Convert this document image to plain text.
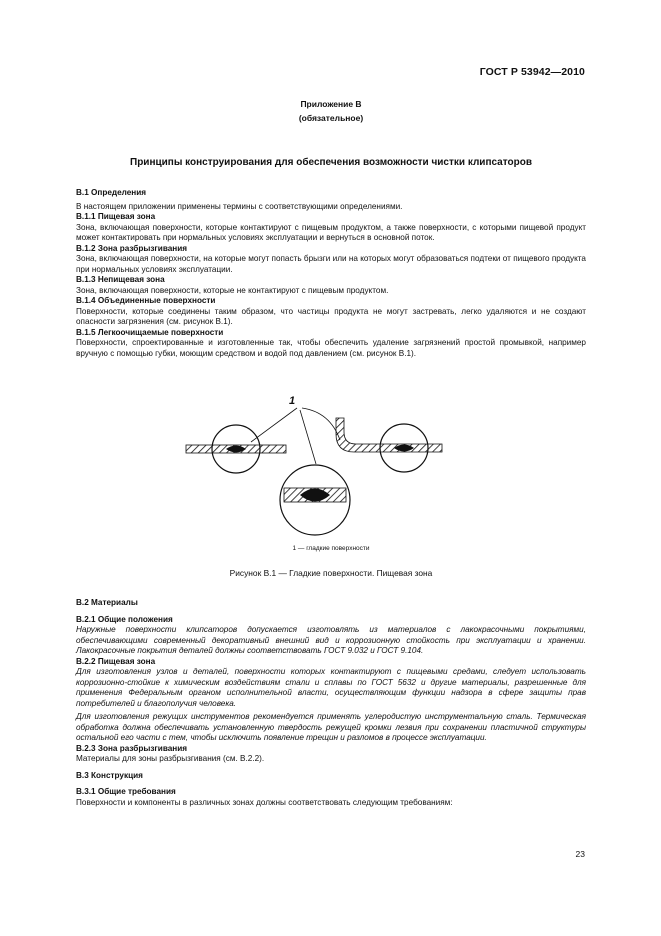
ГОСТ Р 53942—2010
Приложение В
(обязательное)
Принципы конструирования для обеспечения возможности чистки клипсаторов

В.1 Определения

В настоящем приложении применены термины с соответствующими определениями.

В.1.1 Пищевая зона

Зона, включающая поверхности, которые контактируют с пищевым продуктом, а также поверхности, с которыми пищевой продукт может контактировать при нормальных условиях эксплуатации и вернуться в основной поток.

В.1.2 Зона разбрызгивания

Зона, включающая поверхности, на которые могут попасть брызги или на которых могут образоваться подтеки от пищевого продукта при нормальных условиях эксплуатации.

В.1.3 Непищевая зона

Зона, включающая поверхности, которые не контактируют с пищевым продуктом.

В.1.4 Объединенные поверхности

Поверхности, которые соединены таким образом, что частицы продукта не могут застревать, легко удаляются и не создают опасности загрязнения (см. рисунок В.1).

В.1.5 Легкоочищаемые поверхности

Поверхности, спроектированные и изготовленные так, чтобы обеспечить удаление загрязнений простой промывкой, например вручную с помощью губки, моющим средством и водой под давлением (см. рисунок В.1).

1
1 — гладкие поверхности
Рисунок В.1 — Гладкие поверхности. Пищевая зона

В.2 Материалы

В.2.1 Общие положения

Наружные поверхности клипсаторов допускается изготовлять из материалов с лакокрасочными покрытиями, обеспечивающими современный декоративный внешний вид и коррозионную стойкость при эксплуатации и хранении. Лакокрасочные покрытия деталей должны соответствовать ГОСТ 9.032 и ГОСТ 9.104.

В.2.2 Пищевая зона

Для изготовления узлов и деталей, поверхности которых контактируют с пищевыми средами, следует использовать коррозионно-стойкие к химическим воздействиям стали и сплавы по ГОСТ 5632 и другие материалы, разрешенные для применения Федеральным органом исполнительной власти, осуществляющим функции надзора в сфере защиты прав потребителей и благополучия человека.

Для изготовления режущих инструментов рекомендуется применять углеродистую инструментальную сталь. Термическая обработка должна обеспечивать установленную твердость режущей кромки лезвия при сохранении пластичной структуры остальной его части с тем, чтобы исключить появление трещин и разломов в процессе эксплуатации.

В.2.3 Зона разбрызгивания

Материалы для зоны разбрызгивания (см. В.2.2).

В.3 Конструкция

В.3.1 Общие требования

Поверхности и компоненты в различных зонах должны соответствовать следующим требованиям:

23
